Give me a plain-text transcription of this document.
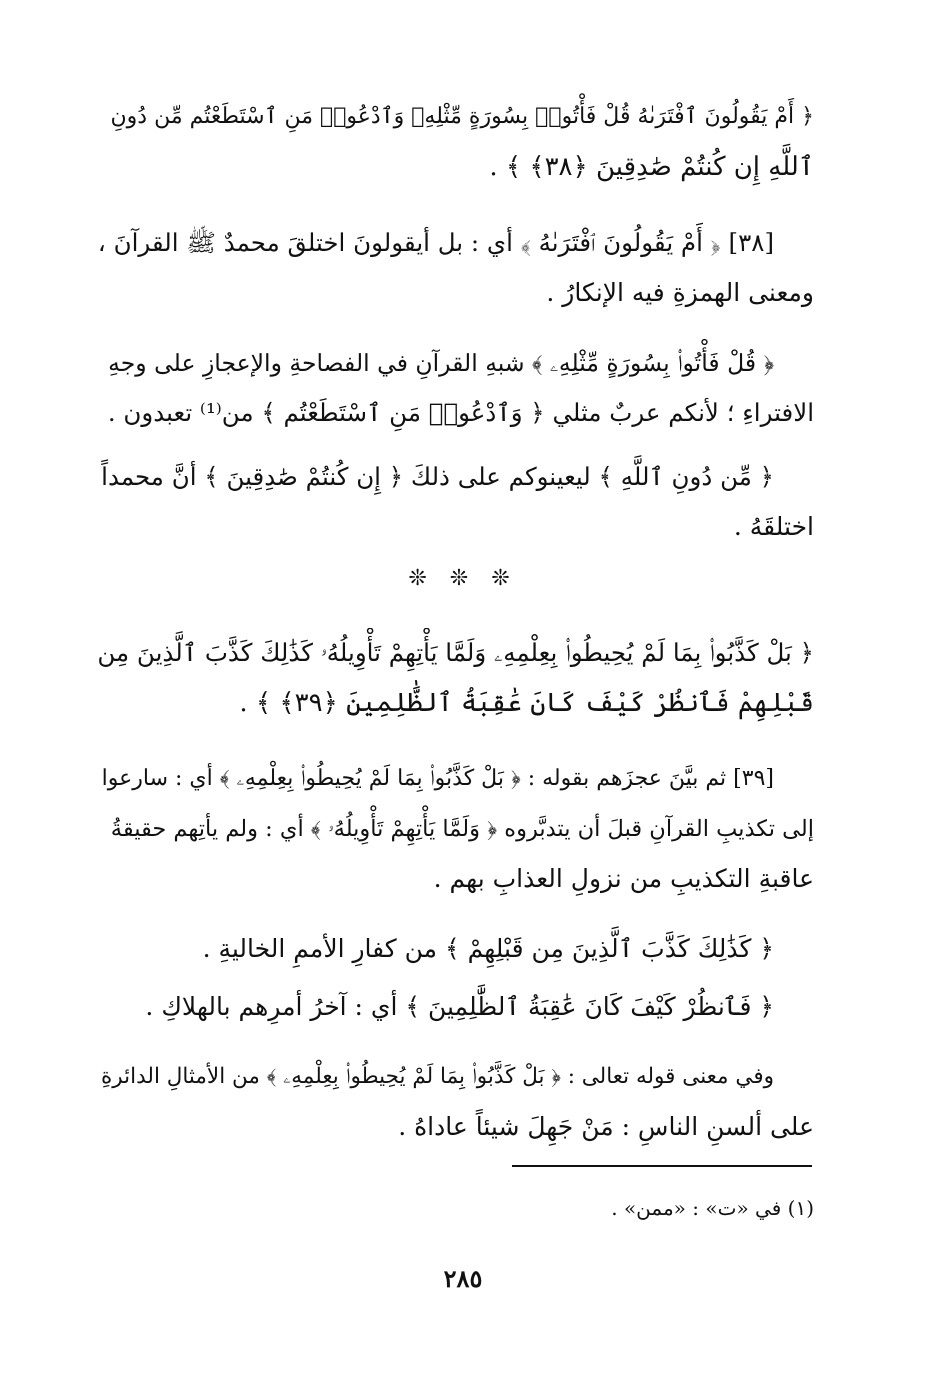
﴿ أَمْ يَقُولُونَ ٱفْتَرَىٰهُ قُلْ فَأْتُوا۟ بِسُورَةٍ مِّثْلِهِۦ وَٱدْعُوا۟ مَنِ ٱسْتَطَعْتُم مِّن دُونِ
ٱللَّهِ إِن كُنتُمْ صَٰدِقِينَ ﴿٣٨﴾ ﴾ .
[٣٨] ﴿ أَمْ يَقُولُونَ ٱفْتَرَىٰهُ ﴾ أي : بل أيقولونَ اختلقَ محمدٌ ﷺ القرآنَ ،
ومعنى الهمزةِ فيه الإنكارُ .
﴿ قُلْ فَأْتُوا۟ بِسُورَةٍ مِّثْلِهِۦ ﴾ شبهِ القرآنِ في الفصاحةِ والإعجازِ على وجهِ
الافتراءِ ؛ لأنكم عربٌ مثلي ﴿ وَٱدْعُوا۟ مَنِ ٱسْتَطَعْتُم ﴾ من⁽¹⁾ تعبدون .
﴿ مِّن دُونِ ٱللَّهِ ﴾ ليعينوكم على ذلكَ ﴿ إِن كُنتُمْ صَٰدِقِينَ ﴾ أنَّ محمداً
اختلقَهُ .
❊ ❊ ❊
﴿ بَلْ كَذَّبُوا۟ بِمَا لَمْ يُحِيطُوا۟ بِعِلْمِهِۦ وَلَمَّا يَأْتِهِمْ تَأْوِيلُهُۥ كَذَٰلِكَ كَذَّبَ ٱلَّذِينَ مِن
قَبْلِهِمْ فَٱنظُرْ كَيْفَ كَانَ عَٰقِبَةُ ٱلظَّٰلِمِينَ ﴿٣٩﴾ ﴾ .
[٣٩] ثم بيَّنَ عجزَهم بقوله : ﴿ بَلْ كَذَّبُوا۟ بِمَا لَمْ يُحِيطُوا۟ بِعِلْمِهِۦ ﴾ أي : سارعوا
إلى تكذيبِ القرآنِ قبلَ أن يتدبَّروه ﴿ وَلَمَّا يَأْتِهِمْ تَأْوِيلُهُۥ ﴾ أي : ولم يأتِهم حقيقةُ
عاقبةِ التكذيبِ من نزولِ العذابِ بهم .
﴿ كَذَٰلِكَ كَذَّبَ ٱلَّذِينَ مِن قَبْلِهِمْ ﴾ من كفارِ الأممِ الخاليةِ .
﴿ فَٱنظُرْ كَيْفَ كَانَ عَٰقِبَةُ ٱلظَّٰلِمِينَ ﴾ أي : آخرُ أمرِهم بالهلاكِ .
وفي معنى قوله تعالى : ﴿ بَلْ كَذَّبُوا۟ بِمَا لَمْ يُحِيطُوا۟ بِعِلْمِهِۦ ﴾ من الأمثالِ الدائرةِ
على ألسنِ الناسِ : مَنْ جَهِلَ شيئاً عاداهُ .
(١) في «ت» : «ممن» .
٢٨٥
